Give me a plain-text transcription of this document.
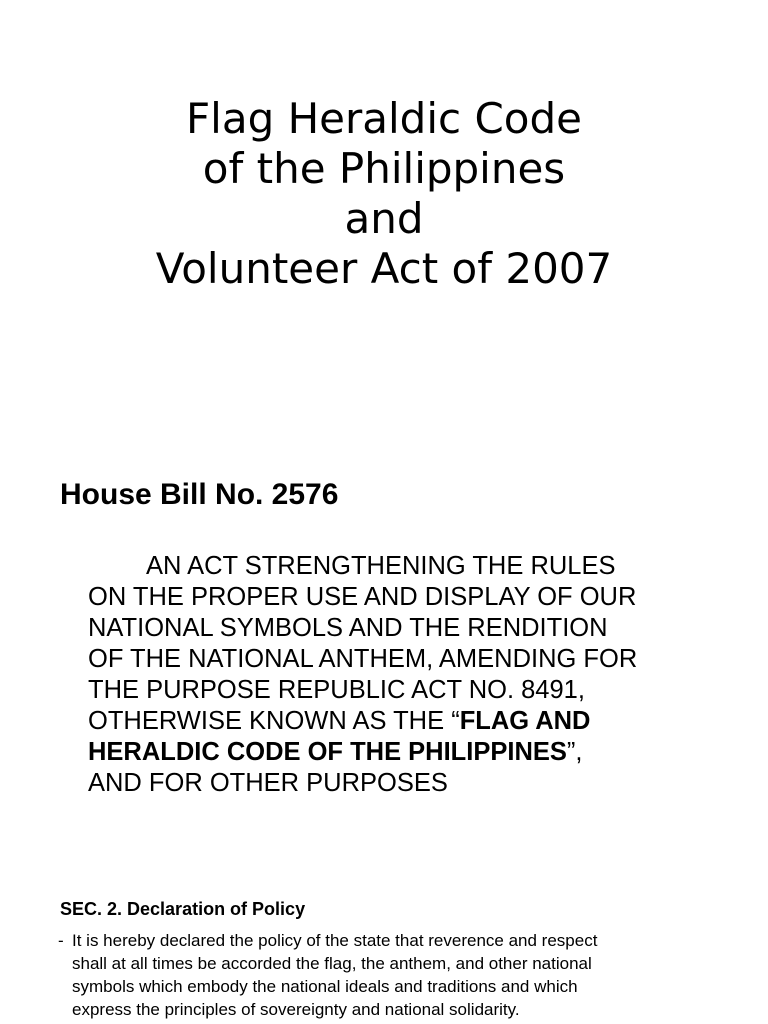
Flag Heraldic Code
of the Philippines
and
Volunteer Act of 2007
House Bill No. 2576
AN ACT STRENGTHENING THE RULES
ON THE PROPER USE AND DISPLAY OF OUR
NATIONAL SYMBOLS AND THE RENDITION
OF THE NATIONAL ANTHEM, AMENDING FOR
THE PURPOSE REPUBLIC ACT NO. 8491,
OTHERWISE KNOWN AS THE “FLAG AND
HERALDIC CODE OF THE PHILIPPINES”,
AND FOR OTHER PURPOSES
SEC. 2. Declaration of Policy
- It is hereby declared the policy of the state that reverence and respect
shall at all times be accorded the flag, the anthem, and other national
symbols which embody the national ideals and traditions and which
express the principles of sovereignty and national solidarity.
